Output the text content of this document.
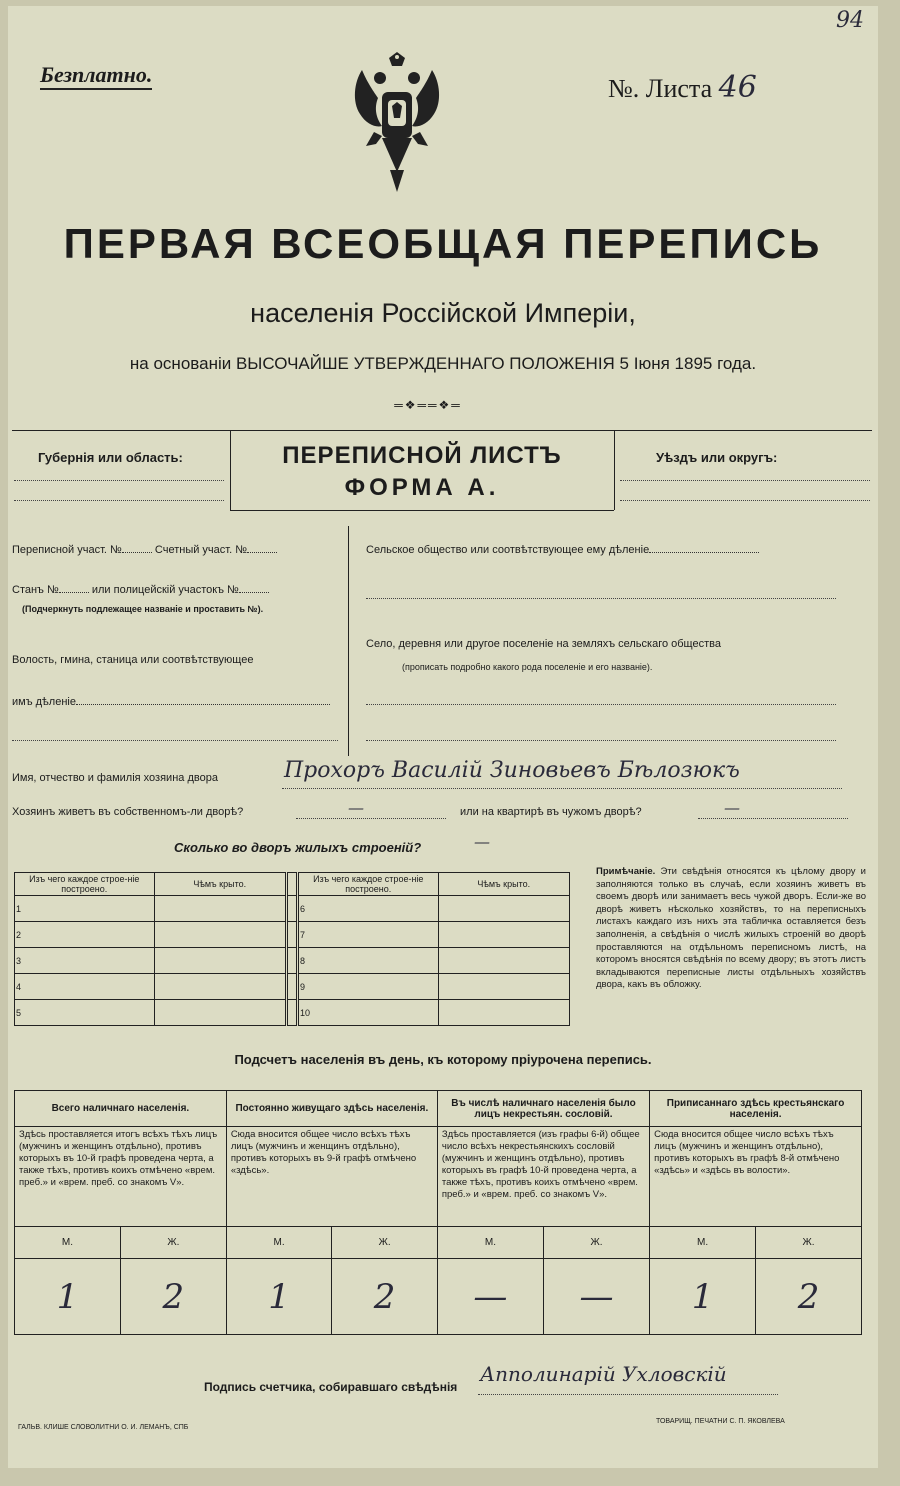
94
Безплатно.	№. Листа 46
ПЕРВАЯ ВСЕОБЩАЯ ПЕРЕПИСЬ
населенія Россійской Имперіи,
на основаніи ВЫСОЧАЙШЕ УТВЕРЖДЕННАГО ПОЛОЖЕНІЯ 5 Іюня 1895 года.
═❖══❖═
Губернія или область:	ПЕРЕПИСНОЙ ЛИСТЪ
ФОРМА А.
Уѣздъ или округъ:
Переписной участ. №	Счетный участ. №
Станъ №	или полицейскій участокъ №
(Подчеркнуть подлежащее названіе и проставить №).
Волость, гмина, станица или соотвѣтствующее
имъ дѣленіе
Сельское общество или соотвѣтствующее ему дѣленіе
Село, деревня или другое поселеніе на земляхъ сельскаго общества
(прописать подробно какого рода поселеніе и его названіе).
Имя, отчество и фамилія хозяина двора	Прохоръ Василій Зиновьевъ Бѣлозюкъ
Хозяинъ живетъ въ собственномъ-ли дворѣ?	—	или на квартирѣ въ чужомъ дворѣ?	—
Сколько во дворъ жилыхъ строеній?	—
Изъ чего каждое строе-ніе построено.	Чѣмъ крыто.		Изъ чего каждое строе-ніе построено.	Чѣмъ крыто.
1			6	
2			7	
3			8	
4			9	
5			10	
Примѣчаніе. Эти свѣдѣнія относятся къ цѣлому двору и заполняются только въ случаѣ, если хозяинъ живетъ въ своемъ дворѣ или занимаетъ весь чужой дворъ. Если-же во дворѣ живетъ нѣсколько хозяйствъ, то на переписныхъ листахъ каждаго изъ нихъ эта табличка оставляется безъ заполненія, а свѣдѣнія о числѣ жилыхъ строеній во дворѣ проставляются на отдѣльномъ переписномъ листѣ, на которомъ вносятся свѣдѣнія по всему двору; въ этотъ листъ вкладываются переписные листы отдѣльныхъ хозяйствъ двора, какъ въ обложку.
Подсчетъ населенія въ день, къ которому пріурочена перепись.
Всего наличнаго населенія.		Постоянно живущаго здѣсь населенія.		Въ числѣ наличнаго населенія было лицъ некрестьян. сословій.		Приписаннаго здѣсь крестьянскаго населенія.	
Здѣсь проставляется итогъ всѣхъ тѣхъ лицъ (мужчинъ и женщинъ отдѣльно), противъ которыхъ въ 10-й графѣ проведена черта, а также тѣхъ, противъ коихъ отмѣчено «врем. преб.» и «врем. преб. со знакомъ V».		Сюда вносится общее число всѣхъ тѣхъ лицъ (мужчинъ и женщинъ отдѣльно), противъ которыхъ въ 9-й графѣ отмѣчено «здѣсь».		Здѣсь проставляется (изъ графы 6-й) общее число всѣхъ некрестьянскихъ сословій (мужчинъ и женщинъ отдѣльно), противъ которыхъ въ графѣ 10-й проведена черта, а также тѣхъ, противъ коихъ отмѣчено «врем. преб.» и «врем. преб. со знакомъ V».		Сюда вносится общее число всѣхъ тѣхъ лицъ (мужчинъ и женщинъ отдѣльно), противъ которыхъ въ графѣ 8-й отмѣчено «здѣсь» и «здѣсь въ волости».	
М.	Ж.	М.	Ж.	М.	Ж.	М.	Ж.
1	2	1	2	—	—	1	2
Подпись счетчика, собиравшаго свѣдѣнія
Апполинарій Ухловскій
ГАЛЬВ. КЛИШЕ СЛОВОЛИТНИ О. И. ЛЕМАНЪ, СПБ
ТОВАРИЩ. ПЕЧАТНИ С. П. ЯКОВЛЕВА
